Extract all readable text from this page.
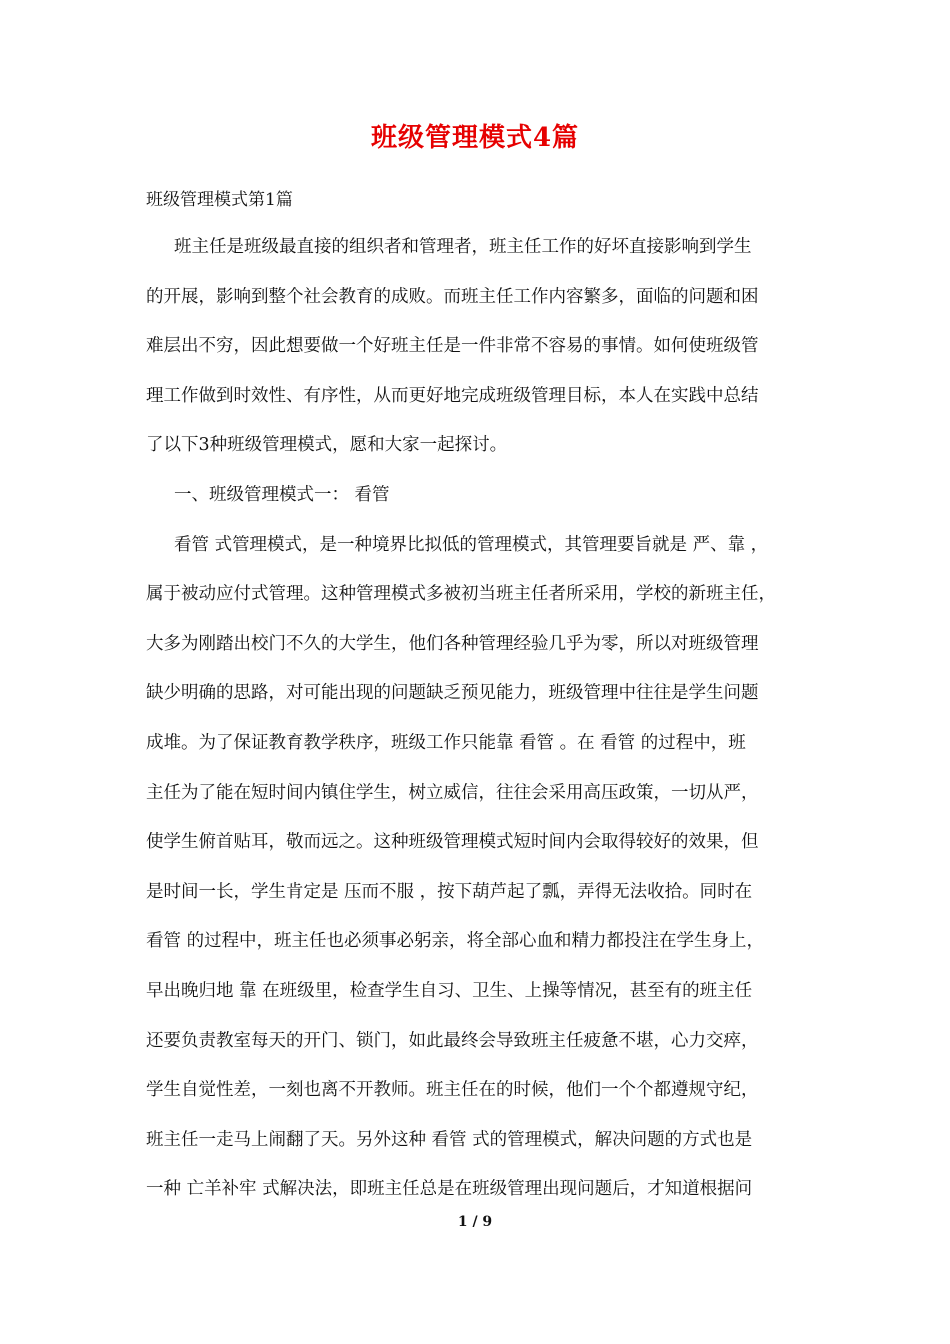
班级管理模式4篇
班级管理模式第1篇
班主任是班级最直接的组织者和管理者，班主任工作的好坏直接影响到学生
的开展，影响到整个社会教育的成败。而班主任工作内容繁多，面临的问题和困
难层出不穷，因此想要做一个好班主任是一件非常不容易的事情。如何使班级管
理工作做到时效性、有序性，从而更好地完成班级管理目标，本人在实践中总结
了以下3种班级管理模式，愿和大家一起探讨。
一、班级管理模式一： 看管
看管 式管理模式，是一种境界比拟低的管理模式，其管理要旨就是 严、靠 ，
属于被动应付式管理。这种管理模式多被初当班主任者所采用，学校的新班主任，
大多为刚踏出校门不久的大学生，他们各种管理经验几乎为零，所以对班级管理
缺少明确的思路，对可能出现的问题缺乏预见能力，班级管理中往往是学生问题
成堆。为了保证教育教学秩序，班级工作只能靠 看管 。在 看管 的过程中，班
主任为了能在短时间内镇住学生，树立威信，往往会采用高压政策，一切从严，
使学生俯首贴耳，敬而远之。这种班级管理模式短时间内会取得较好的效果，但
是时间一长，学生肯定是 压而不服 ，按下葫芦起了瓢，弄得无法收拾。同时在
看管 的过程中，班主任也必须事必躬亲，将全部心血和精力都投注在学生身上，
早出晚归地 靠 在班级里，检查学生自习、卫生、上操等情况，甚至有的班主任
还要负责教室每天的开门、锁门，如此最终会导致班主任疲惫不堪，心力交瘁，
学生自觉性差，一刻也离不开教师。班主任在的时候，他们一个个都遵规守纪，
班主任一走马上闹翻了天。另外这种 看管 式的管理模式，解决问题的方式也是
一种 亡羊补牢 式解决法，即班主任总是在班级管理出现问题后，才知道根据问
1 / 9
